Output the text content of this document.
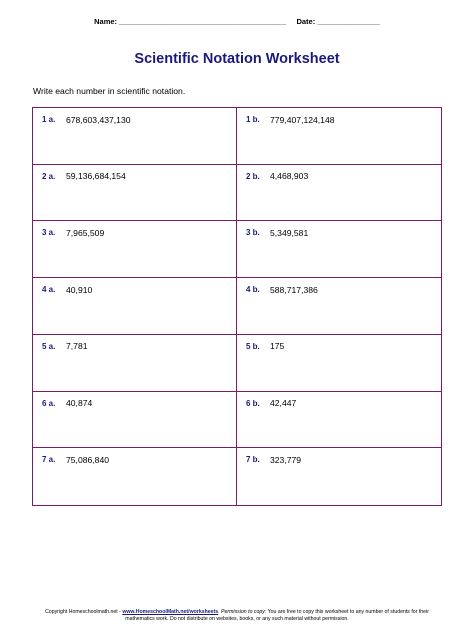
Name: ________________________________________ Date: _______________
Scientific Notation Worksheet
Write each number in scientific notation.
1 a. 678,603,437,130	1 b. 779,407,124,148
2 a. 59,136,684,154	2 b. 4,468,903
3 a. 7,965,509	3 b. 5,349,581
4 a. 40,910	4 b. 588,717,386
5 a. 7,781	5 b. 175
6 a. 40,874	6 b. 42,447
7 a. 75,086,840	7 b. 323,779
Copyright Homeschoolmath.net - www.HomeschoolMath.net/worksheets. Permission to copy: You are free to copy this worksheet to any number of students for their mathematics work. Do not distribute on websites, books, or any such material without permission.
